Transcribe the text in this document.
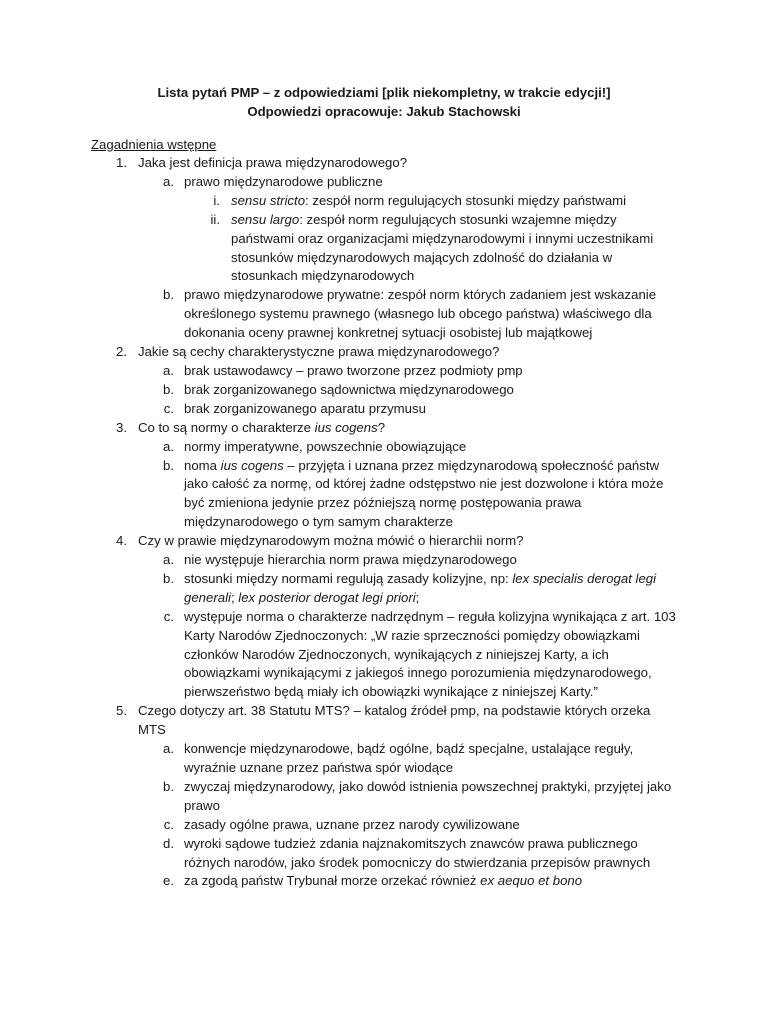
Lista pytań PMP – z odpowiedziami [plik niekompletny, w trakcie edycji!]
Odpowiedzi opracowuje: Jakub Stachowski
Zagadnienia wstępne
1. Jaka jest definicja prawa międzynarodowego?
a. prawo międzynarodowe publiczne
i. sensu stricto: zespół norm regulujących stosunki między państwami
ii. sensu largo: zespół norm regulujących stosunki wzajemne między państwami oraz organizacjami międzynarodowymi i innymi uczestnikami stosunków międzynarodowych mających zdolność do działania w stosunkach międzynarodowych
b. prawo międzynarodowe prywatne: zespół norm których zadaniem jest wskazanie określonego systemu prawnego (własnego lub obcego państwa) właściwego dla dokonania oceny prawnej konkretnej sytuacji osobistej lub majątkowej
2. Jakie są cechy charakterystyczne prawa międzynarodowego?
a. brak ustawodawcy – prawo tworzone przez podmioty pmp
b. brak zorganizowanego sądownictwa międzynarodowego
c. brak zorganizowanego aparatu przymusu
3. Co to są normy o charakterze ius cogens?
a. normy imperatywne, powszechnie obowiązujące
b. noma ius cogens – przyjęta i uznana przez międzynarodową społeczność państw jako całość za normę, od której żadne odstępstwo nie jest dozwolone i która może być zmieniona jedynie przez późniejszą normę postępowania prawa międzynarodowego o tym samym charakterze
4. Czy w prawie międzynarodowym można mówić o hierarchii norm?
a. nie występuje hierarchia norm prawa międzynarodowego
b. stosunki między normami regulują zasady kolizyjne, np: lex specialis derogat legi generali; lex posterior derogat legi priori;
c. występuje norma o charakterze nadrzędnym – reguła kolizyjna wynikająca z art. 103 Karty Narodów Zjednoczonych: „W razie sprzeczności pomiędzy obowiązkami członków Narodów Zjednoczonych, wynikających z niniejszej Karty, a ich obowiązkami wynikającymi z jakiegoś innego porozumienia międzynarodowego, pierwszeństwo będą miały ich obowiązki wynikające z niniejszej Karty.”
5. Czego dotyczy art. 38 Statutu MTS? – katalog źródeł pmp, na podstawie których orzeka MTS
a. konwencje międzynarodowe, bądź ogólne, bądź specjalne, ustalające reguły, wyraźnie uznane przez państwa spór wiodące
b. zwyczaj międzynarodowy, jako dowód istnienia powszechnej praktyki, przyjętej jako prawo
c. zasady ogólne prawa, uznane przez narody cywilizowane
d. wyroki sądowe tudzież zdania najznakomitszych znawców prawa publicznego różnych narodów, jako środek pomocniczy do stwierdzania przepisów prawnych
e. za zgodą państw Trybunał morze orzekać również ex aequo et bono
